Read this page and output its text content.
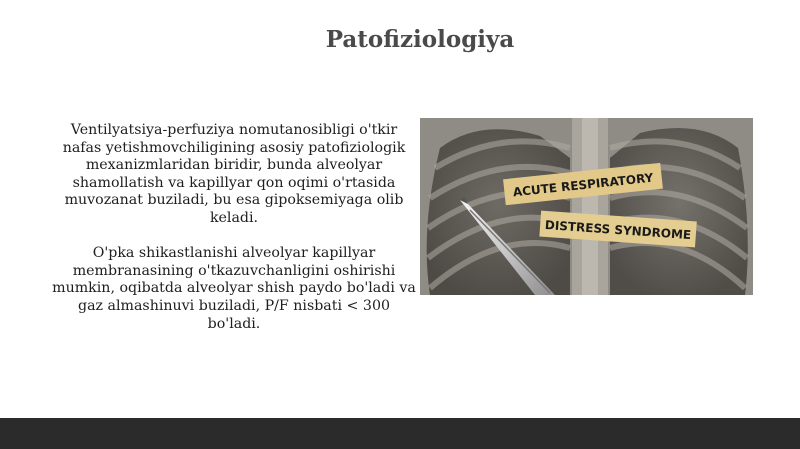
Patofiziologiya

Ventilyatsiya-perfuziya nomutanosibligi o'tkir nafas yetishmovchiligining asosiy patofiziologik mexanizmlaridan biridir, bunda alveolyar shamollatish va kapillyar qon oqimi o'rtasida muvozanat buziladi, bu esa gipoksemiyaga olib keladi.

O'pka shikastlanishi alveolyar kapillyar membranasining o'tkazuvchanligini oshirishi mumkin, oqibatda alveolyar shish paydo bo'ladi va gaz almashinuvi buziladi, P/F nisbati < 300 bo'ladi.

ACUTE RESPIRATORY
DISTRESS SYNDROME
